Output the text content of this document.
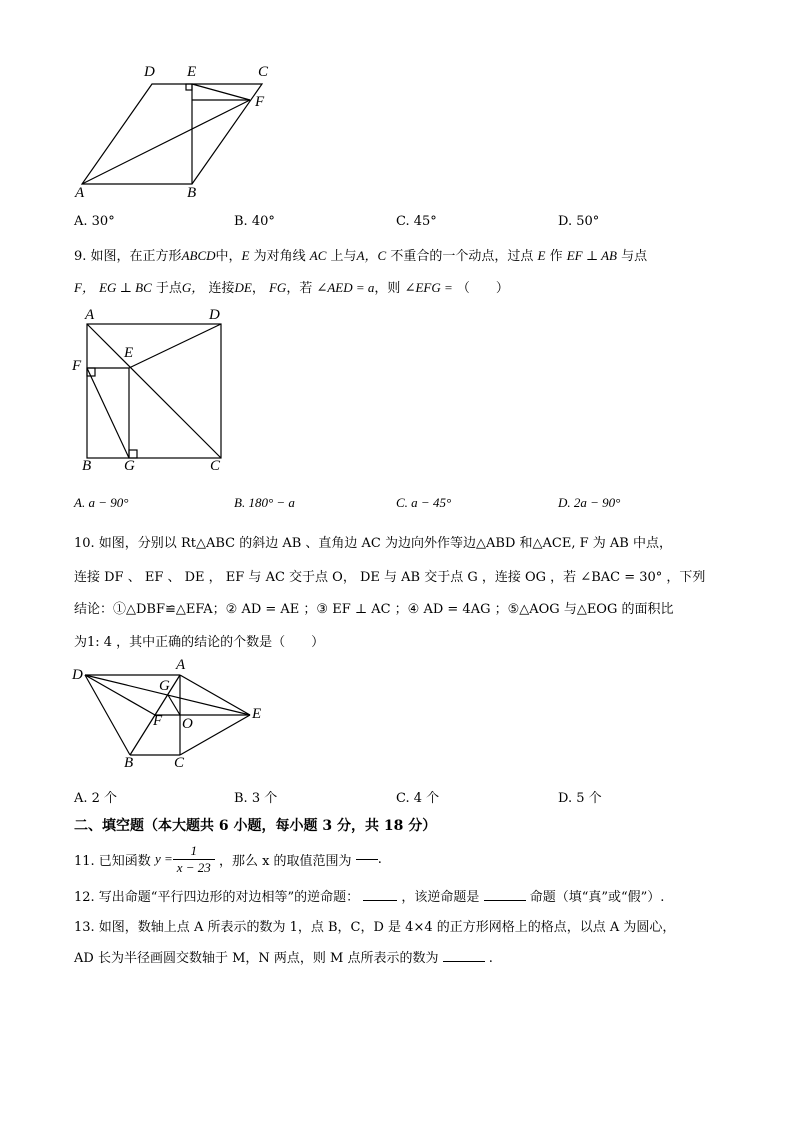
D E	C
F
A	B
A. 30°	B. 40°	C. 45°	D. 50°
9. 如图，在正方形ABCD中，E 为对角线 AC 上与A，C 不重合的一个动点，过点 E 作 EF ⊥ AB 与点
F， EG ⊥ BC 于点G， 连接DE， FG，若 ∠AED = a，则 ∠EFG = （　　）
A	D
E
F
B G	C
A. a − 90°	B. 180° − a	C. a − 45°	D. 2a − 90°
10. 如图，分别以 Rt△ABC 的斜边 AB 、直角边 AC 为边向外作等边△ABD 和△ACE, F 为 AB 中点，
连接 DF 、 EF 、 DE ， EF 与 AC 交于点 O， DE 与 AB 交于点 G ，连接 OG ，若 ∠BAC = 30° ，下列
结论：①△DBF≌△EFA；② AD = AE ；③ EF ⊥ AC ；④ AD = 4AG ；⑤△AOG 与△EOG 的面积比
为1: 4 ，其中正确的结论的个数是（　　）
D
A
G
F O
E
B	C
A. 2 个	B. 3 个	C. 4 个	D. 5 个
二、填空题（本大题共 6 小题，每小题 3 分，共 18 分）
11. 已知函数
$y = \frac{1}{x - 23}$
，那么 x 的取值范围为
.
12. 写出命题“平行四边形的对边相等”的逆命题：	，该逆命题是	命题（填“真”或“假”）.
13. 如图，数轴上点 A 所表示的数为 1，点 B，C，D 是 4×4 的正方形网格上的格点，以点 A 为圆心，
AD 长为半径画圆交数轴于 M，N 两点，则 M 点所表示的数为	.
